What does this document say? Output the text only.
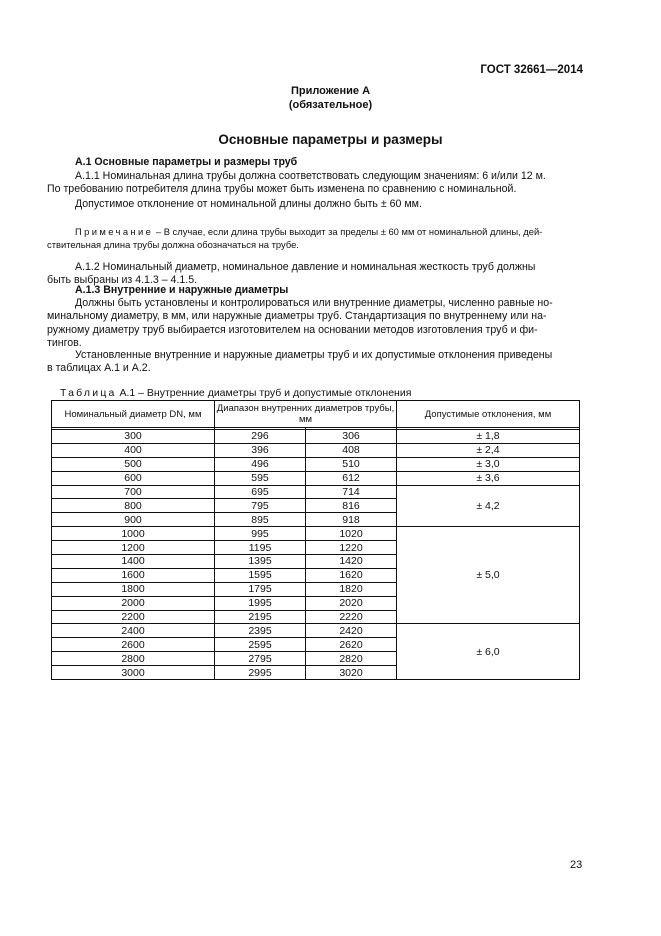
ГОСТ 32661—2014
Приложение А
(обязательное)
Основные параметры и размеры
А.1 Основные параметры и размеры труб
А.1.1 Номинальная длина трубы должна соответствовать следующим значениям: 6 и/или 12 м.
По требованию потребителя длина трубы может быть изменена по сравнению с номинальной.
Допустимое отклонение от номинальной длины должно быть ± 60 мм.
Примечание – В случае, если длина трубы выходит за пределы ± 60 мм от номинальной длины, дей-
ствительная длина трубы должна обозначаться на трубе.
А.1.2 Номинальный диаметр, номинальное давление и номинальная жесткость труб должны
быть выбраны из 4.1.3 – 4.1.5.
А.1.3 Внутренние и наружные диаметры
Должны быть установлены и контролироваться или внутренние диаметры, численно равные но-
минальному диаметру, в мм, или наружные диаметры труб. Стандартизация по внутреннему или на-
ружному диаметру труб выбирается изготовителем на основании методов изготовления труб и фи-
тингов.
Установленные внутренние и наружные диаметры труб и их допустимые отклонения приведены
в таблицах А.1 и А.2.
Таблица А.1 – Внутренние диаметры труб и допустимые отклонения
Номинальный диаметр DN, мм	Диапазон внутренних диаметров трубы, мм		Допустимые отклонения, мм

300	296	306	± 1,8
400	396	408	± 2,4
500	496	510	± 3,0
600	595	612	± 3,6
700	695	714	± 4,2
800	795	816	
900	895	918	
1000	995	1020	± 5,0
1200	1195	1220	
1400	1395	1420	
1600	1595	1620	
1800	1795	1820	
2000	1995	2020	
2200	2195	2220	
2400	2395	2420	± 6,0
2600	2595	2620	
2800	2795	2820	
3000	2995	3020	
23
